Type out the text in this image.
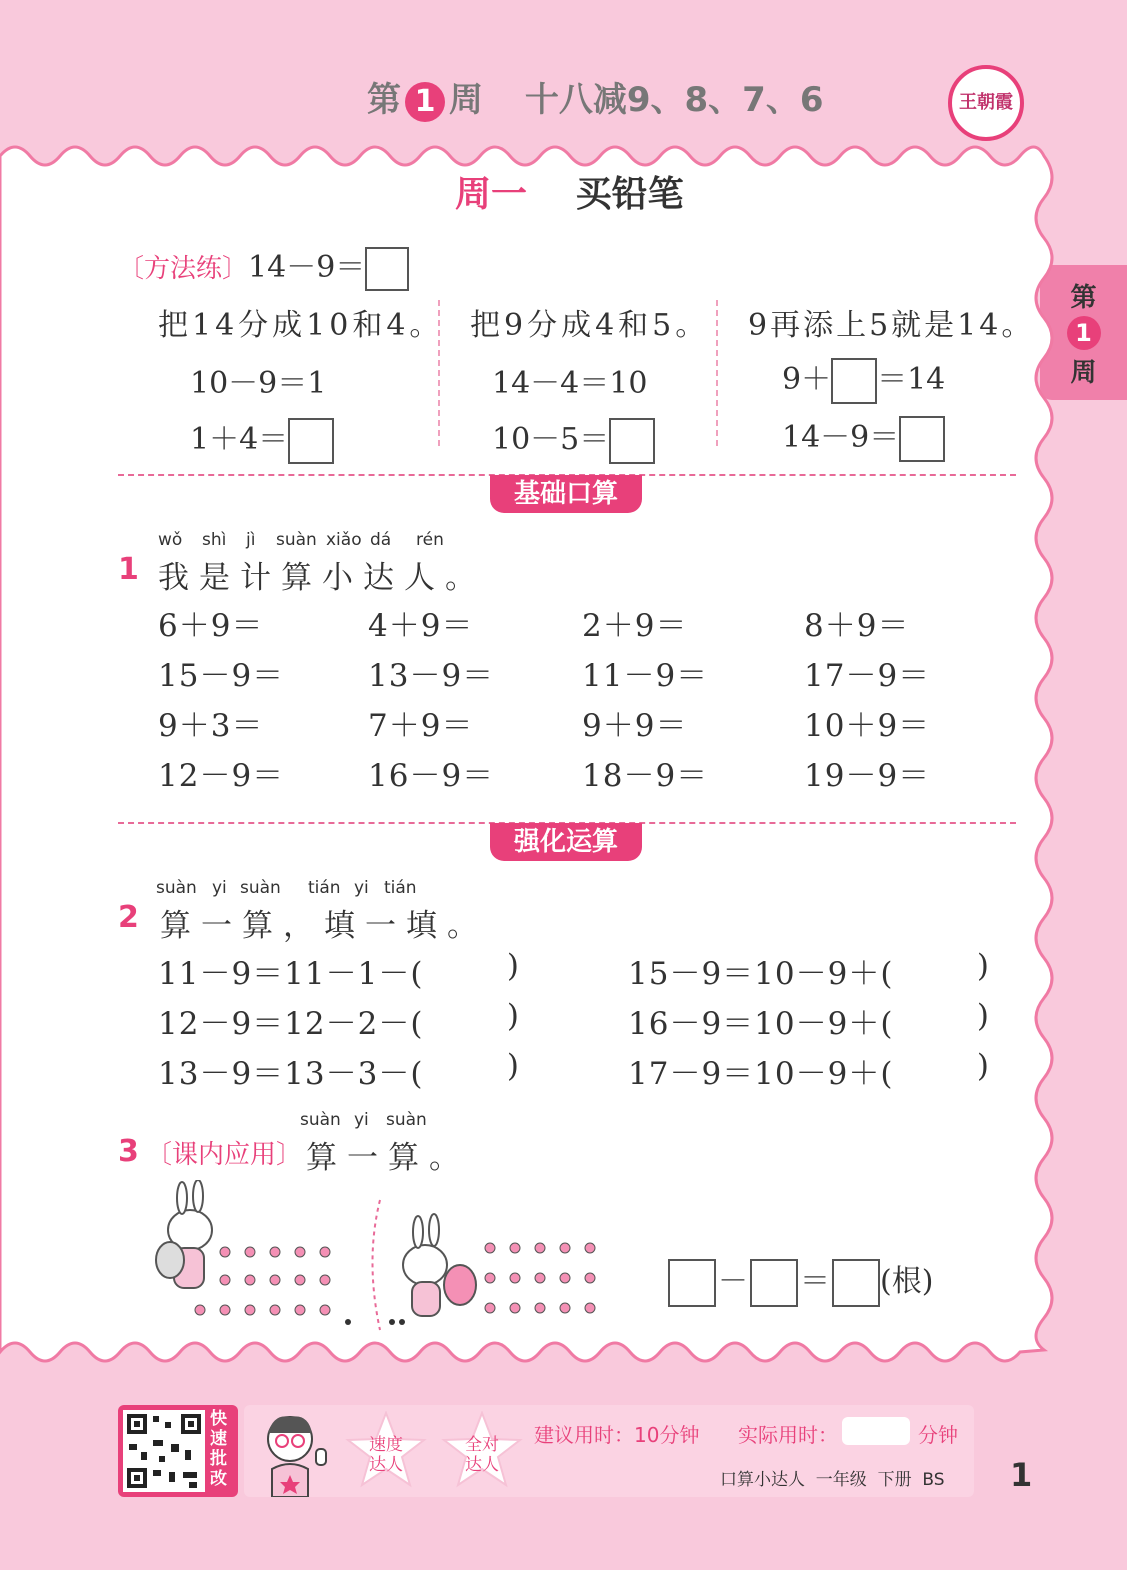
第 1 周 十八减9、8、7、6	王朝霞
第
1
周
周一 买铅笔
〔方法练〕14－9＝
把14分成10和4。
10－9＝1
1＋4＝
把9分成4和5。
14－4＝10
10－5＝
9再添上5就是14。
9＋ ＝14
14－9＝
基础口算
1
wǒ shì jì suàn xiǎo dá rén
我是计算小达人。
6＋9＝	4＋9＝	2＋9＝	8＋9＝
15－9＝	13－9＝	11－9＝	17－9＝
9＋3＝	7＋9＝	9＋9＝	10＋9＝
12－9＝	16－9＝	18－9＝	19－9＝
强化运算
2
suàn yi suàn tián yi tián
算一算，填一填。
11－9＝11－1－(	)
12－9＝12－2－(	)
13－9＝13－3－(	)
15－9＝10－9＋(	)
16－9＝10－9＋(	)
17－9＝10－9＋(	)
3 〔课内应用〕
suàn yi suàn
算一算。
－ ＝ (根)
快速批改
速度达人
全对达人
建议用时：10分钟 实际用时：	分钟
口算小达人  一年级  下册  BS 1
